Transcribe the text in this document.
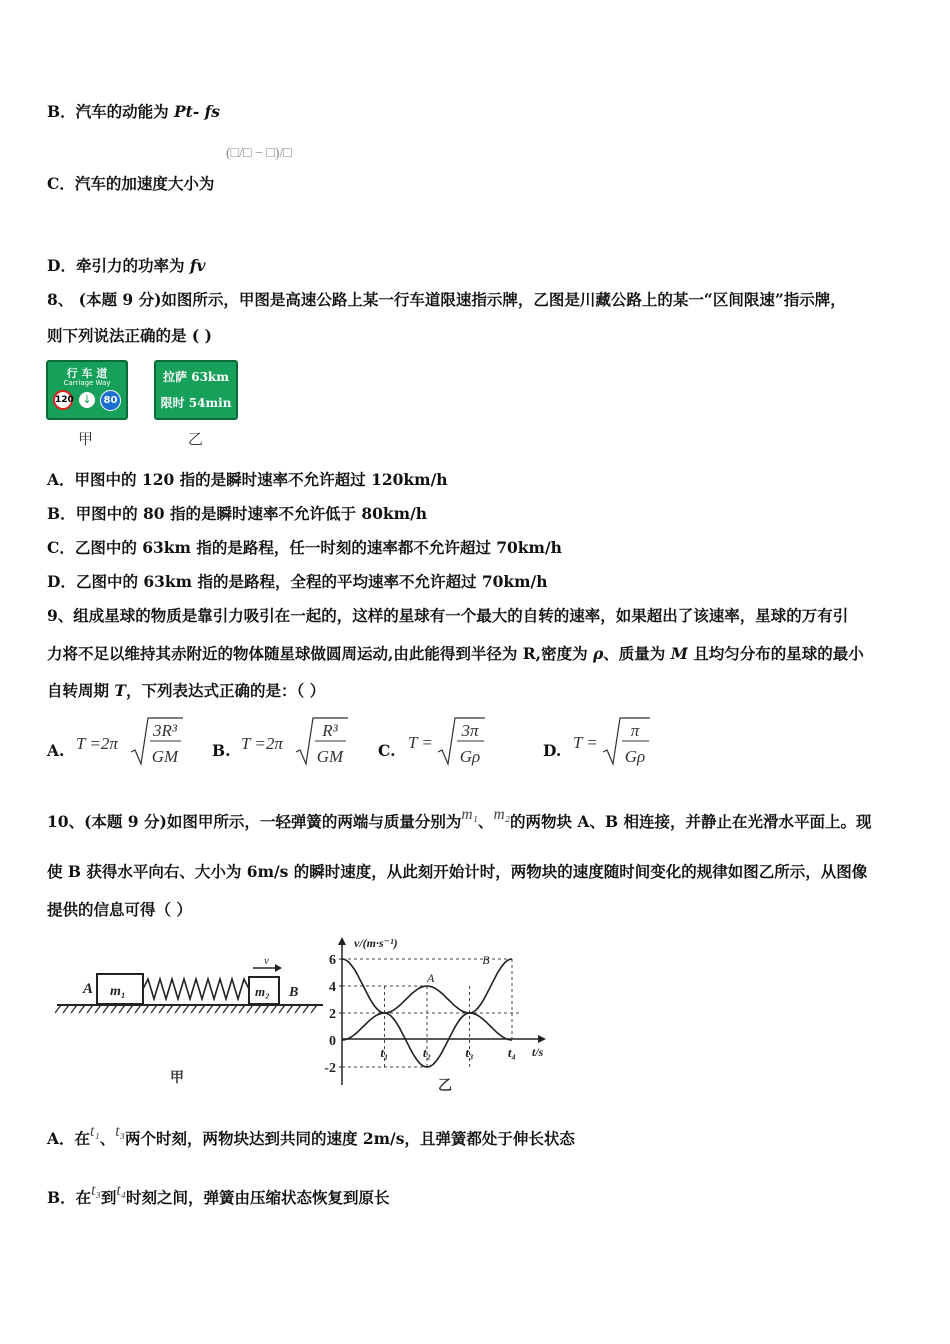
B．汽车的动能为 Pt- fs
(□/□ − □)/□
C．汽车的加速度大小为
D．牵引力的功率为 fv
8、 (本题 9 分)如图所示，甲图是高速公路上某一行车道限速指示牌，乙图是川藏公路上的某一“区间限速”指示牌，
则下列说法正确的是 ( )
行 车 道
Carriage Way
120 ↓	80
甲
拉萨 63km
限时 54min
乙
A．甲图中的 120 指的是瞬时速率不允许超过 120km/h
B．甲图中的 80 指的是瞬时速率不允许低于 80km/h
C．乙图中的 63km 指的是路程，任一时刻的速率都不允许超过 70km/h
D．乙图中的 63km 指的是路程，全程的平均速率不允许超过 70km/h
9、组成星球的物质是靠引力吸引在一起的，这样的星球有一个最大的自转的速率，如果超出了该速率，星球的万有引
力将不足以维持其赤附近的物体随星球做圆周运动,由此能得到半径为 R,密度为 ρ、质量为 M 且均匀分布的星球的最小
自转周期 T，下列表达式正确的是：（ ）
A. T =2π
3R³
GM B. T =2π
R³
GM C. T =
3π
Gρ	D. T =
π
Gρ
10、(本题 9 分)如图甲所示，一轻弹簧的两端与质量分别为m₁、m₂的两物块 A、B 相连接，并静止在光滑水平面上。现
使 B 获得水平向右、大小为 6m/s 的瞬时速度，从此刻开始计时，两物块的速度随时间变化的规律如图乙所示，从图像
提供的信息可得（ ）
A m₁	m₂ B
v
甲
v/(m·s⁻¹)
t/s
乙
6
4
2
0
-2
t₁	t₂	t₃	t₄
A
B
A．在t₁、t₃两个时刻，两物块达到共同的速度 2m/s，且弹簧都处于伸长状态
B．在t₃到t₄时刻之间，弹簧由压缩状态恢复到原长
